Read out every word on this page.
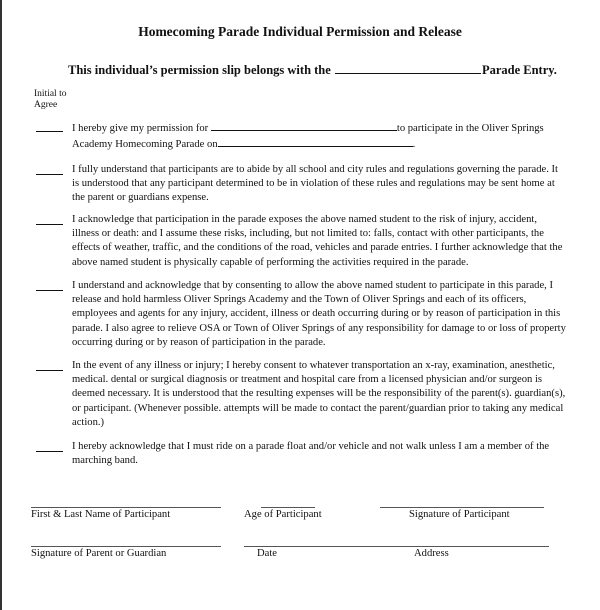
Homecoming Parade Individual Permission and Release
This individual’s permission slip belongs with the	Parade Entry.
Initial to Agree
I hereby give my permission for	to participate in the Oliver Springs Academy Homecoming Parade on	.
I fully understand that participants are to abide by all school and city rules and regulations governing the parade. It is understood that any participant determined to be in violation of these rules and regulations may be sent home at the parent or guardians expense.
I acknowledge that participation in the parade exposes the above named student to the risk of injury, accident, illness or death: and I assume these risks, including, but not limited to: falls, contact with other participants, the effects of weather, traffic, and the conditions of the road, vehicles and parade entries. I further acknowledge that the above named student is physically capable of performing the activities required in the parade.
I understand and acknowledge that by consenting to allow the above named student to participate in this parade, I release and hold harmless Oliver Springs Academy and the Town of Oliver Springs and each of its officers, employees and agents for any injury, accident, illness or death occurring during or by reason of participation in this parade. I also agree to relieve OSA or Town of Oliver Springs of any responsibility for damage to or loss of property occurring during or by reason of participation in the parade.
In the event of any illness or injury; I hereby consent to whatever transportation an x-ray, examination, anesthetic, medical. dental or surgical diagnosis or treatment and hospital care from a licensed physician and/or surgeon is deemed necessary. It is understood that the resulting expenses will be the responsibility of the parent(s). guardian(s), or participant. (Whenever possible. attempts will be made to contact the parent/guardian prior to taking any medical action.)
I hereby acknowledge that I must ride on a parade float and/or vehicle and not walk unless I am a member of the marching band.
First & Last Name of Participant	Age of Participant	Signature of Participant
Signature of Parent or Guardian	Date	Address
